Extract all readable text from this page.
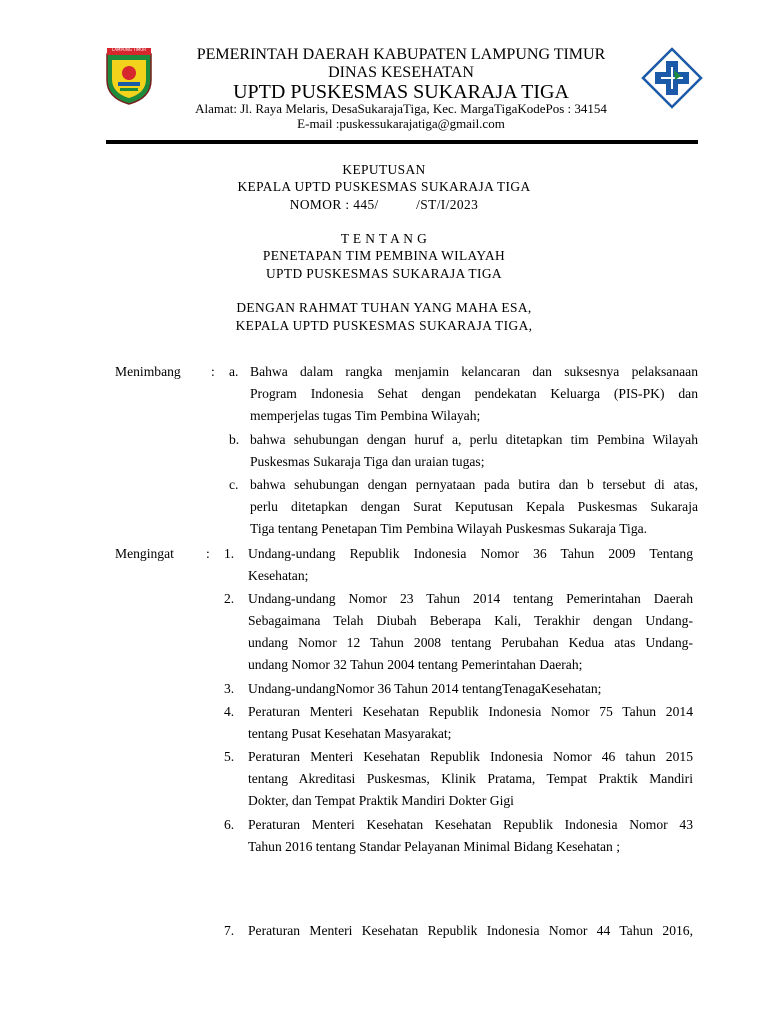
LAMPUNG TIMUR	PEMERINTAH DAERAH KABUPATEN LAMPUNG TIMUR
DINAS KESEHATAN
UPTD PUSKESMAS SUKARAJA TIGA
Alamat: Jl. Raya Melaris, DesaSukarajaTiga, Kec. MargaTigaKodePos : 34154
E-mail :puskessukarajatiga@gmail.com
KEPUTUSAN
KEPALA UPTD PUSKESMAS SUKARAJA TIGA
NOMOR : 445/          /ST/I/2023
T E N T A N G
PENETAPAN TIM PEMBINA WILAYAH
UPTD PUSKESMAS SUKARAJA TIGA
DENGAN RAHMAT TUHAN YANG MAHA ESA,
KEPALA UPTD PUSKESMAS SUKARAJA TIGA,
Menimbang : a. Bahwa dalam rangka menjamin kelancaran dan suksesnya pelaksanaan
Program Indonesia Sehat dengan pendekatan Keluarga (PIS-PK) dan
memperjelas tugas Tim Pembina Wilayah;
b. bahwa sehubungan dengan huruf a, perlu ditetapkan tim Pembina Wilayah
Puskesmas Sukaraja Tiga dan uraian tugas;
c. bahwa sehubungan dengan pernyataan pada butira dan b tersebut di atas,
perlu ditetapkan dengan Surat Keputusan Kepala Puskesmas Sukaraja
Tiga tentang Penetapan Tim Pembina Wilayah Puskesmas Sukaraja Tiga.
Mengingat : 1. Undang-undang Republik Indonesia Nomor 36 Tahun 2009 Tentang
Kesehatan;
2. Undang-undang Nomor 23 Tahun 2014 tentang Pemerintahan Daerah
Sebagaimana Telah Diubah Beberapa Kali, Terakhir dengan Undang-
undang Nomor 12 Tahun 2008 tentang Perubahan Kedua atas Undang-
undang Nomor 32 Tahun 2004 tentang Pemerintahan Daerah;
3. Undang-undangNomor 36 Tahun 2014 tentangTenagaKesehatan;
4. Peraturan Menteri Kesehatan Republik Indonesia Nomor 75 Tahun 2014
tentang Pusat Kesehatan Masyarakat;
5. Peraturan Menteri Kesehatan Republik Indonesia Nomor 46 tahun 2015
tentang Akreditasi Puskesmas, Klinik Pratama, Tempat Praktik Mandiri
Dokter, dan Tempat Praktik Mandiri Dokter Gigi
6. Peraturan Menteri Kesehatan Kesehatan Republik Indonesia Nomor 43
Tahun 2016 tentang Standar Pelayanan Minimal Bidang Kesehatan ;
7. Peraturan Menteri Kesehatan Republik Indonesia Nomor 44 Tahun 2016,
